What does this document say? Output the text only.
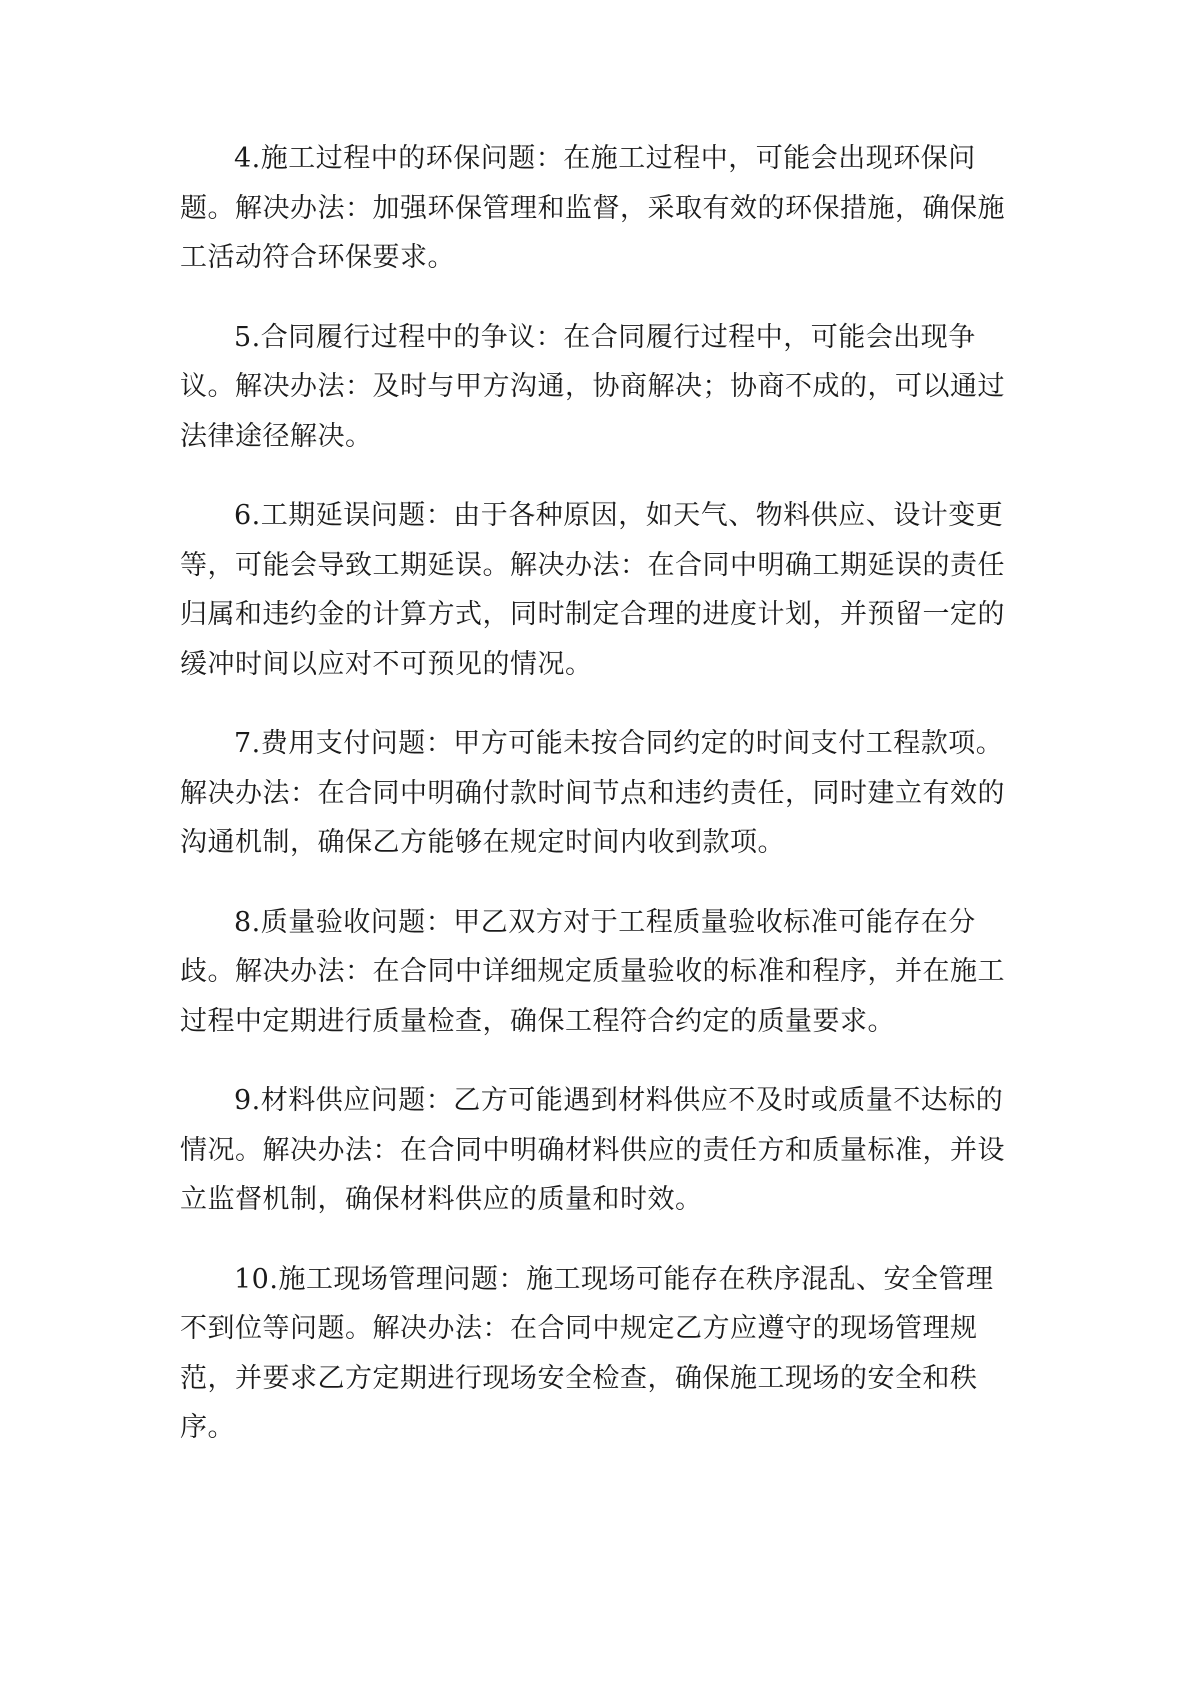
4.施工过程中的环保问题：在施工过程中，可能会出现环保问题。解决办法：加强环保管理和监督，采取有效的环保措施，确保施工活动符合环保要求。

5.合同履行过程中的争议：在合同履行过程中，可能会出现争议。解决办法：及时与甲方沟通，协商解决；协商不成的，可以通过法律途径解决。

6.工期延误问题：由于各种原因，如天气、物料供应、设计变更等，可能会导致工期延误。解决办法：在合同中明确工期延误的责任归属和违约金的计算方式，同时制定合理的进度计划，并预留一定的缓冲时间以应对不可预见的情况。

7.费用支付问题：甲方可能未按合同约定的时间支付工程款项。解决办法：在合同中明确付款时间节点和违约责任，同时建立有效的沟通机制，确保乙方能够在规定时间内收到款项。

8.质量验收问题：甲乙双方对于工程质量验收标准可能存在分歧。解决办法：在合同中详细规定质量验收的标准和程序，并在施工过程中定期进行质量检查，确保工程符合约定的质量要求。

9.材料供应问题：乙方可能遇到材料供应不及时或质量不达标的情况。解决办法：在合同中明确材料供应的责任方和质量标准，并设立监督机制，确保材料供应的质量和时效。

10.施工现场管理问题：施工现场可能存在秩序混乱、安全管理不到位等问题。解决办法：在合同中规定乙方应遵守的现场管理规范，并要求乙方定期进行现场安全检查，确保施工现场的安全和秩序。
